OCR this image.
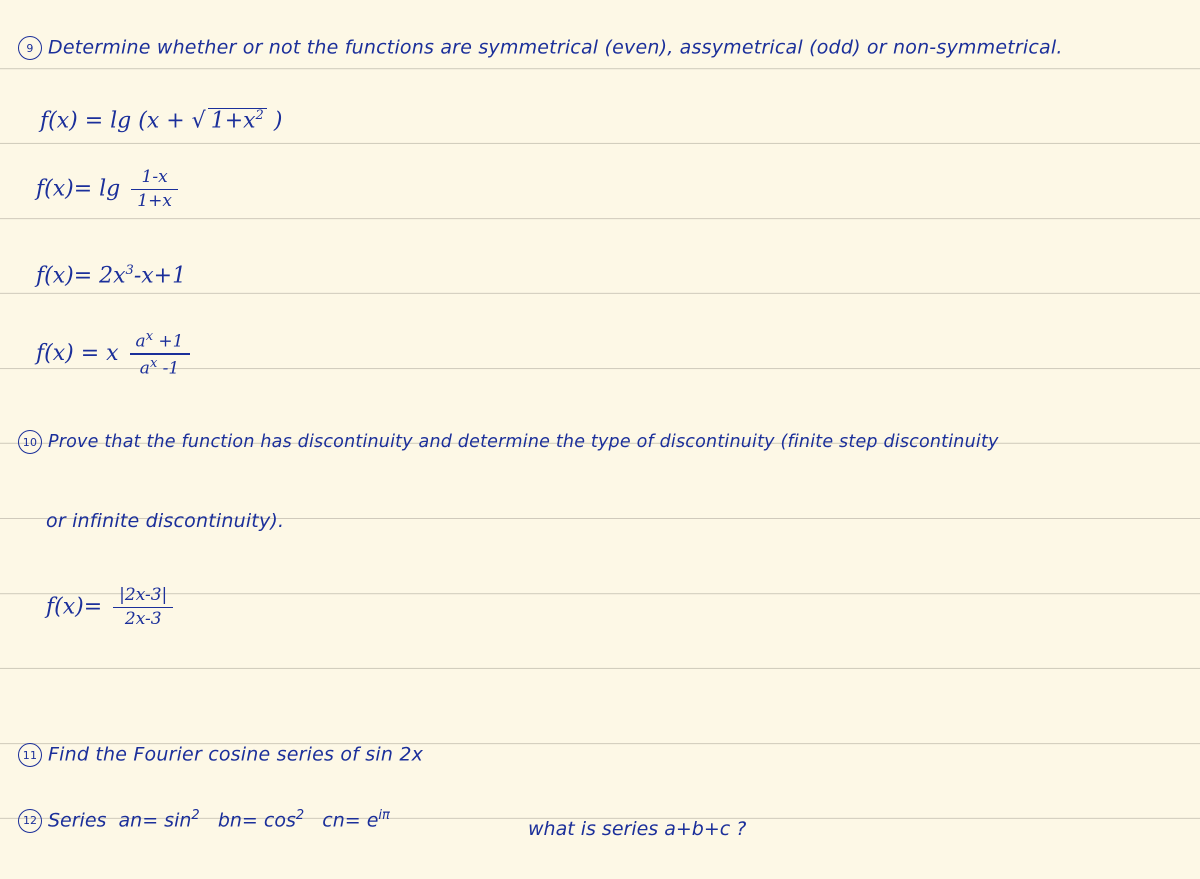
9 Determine whether or not the functions are symmetrical (even), assymetrical (odd) or non-symmetrical.
f(x) = lg (x + √ $1+x^2$ )
$f(x)= \lg \frac{1-x}{1+x}$
$f(x)= 2x^3-x+1$
f(x) = x $\frac{a^x +1}{a^x -1}$
10 Prove that the function has discontinuity and determine the type of discontinuity (finite step discontinuity
or infinite discontinuity).
$f(x)= \frac{|2x-3|}{2x-3}$
11 Find the Fourier cosine series of sin 2x
12 Series $an= \sin^2 bn= \cos^2 cn= e^{i\pi}$
what is series a+b+c ?
